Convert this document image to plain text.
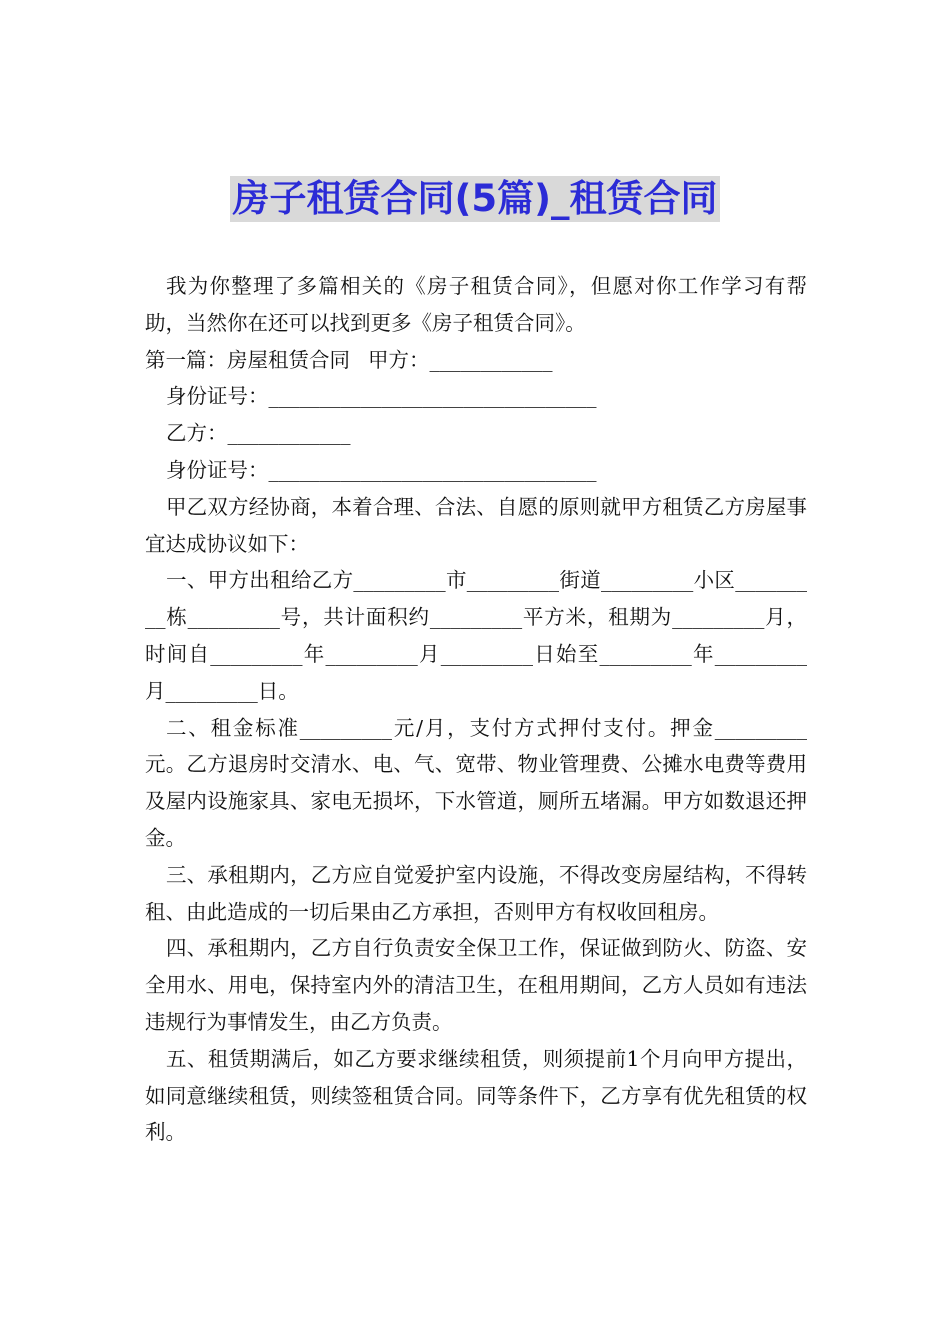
房子租赁合同(5篇)_租赁合同

我为你整理了多篇相关的《房子租赁合同》，但愿对你工作学习有帮助，当然你在还可以找到更多《房子租赁合同》。

第一篇：房屋租赁合同 甲方：____________

身份证号：________________________________

乙方：____________

身份证号：________________________________

甲乙双方经协商，本着合理、合法、自愿的原则就甲方租赁乙方房屋事宜达成协议如下：

一、甲方出租给乙方_________市_________街道_________小区_________栋_________号，共计面积约_________平方米，租期为_________月，时间自_________年_________月_________日始至_________年_________月_________日。

二、租金标准_________元/月，支付方式押付支付。押金_________元。乙方退房时交清水、电、气、宽带、物业管理费、公摊水电费等费用及屋内设施家具、家电无损坏，下水管道，厕所五堵漏。甲方如数退还押金。

三、承租期内，乙方应自觉爱护室内设施，不得改变房屋结构，不得转租、由此造成的一切后果由乙方承担，否则甲方有权收回租房。

四、承租期内，乙方自行负责安全保卫工作，保证做到防火、防盗、安全用水、用电，保持室内外的清洁卫生，在租用期间，乙方人员如有违法违规行为事情发生，由乙方负责。

五、租赁期满后，如乙方要求继续租赁，则须提前1个月向甲方提出，如同意继续租赁，则续签租赁合同。同等条件下，乙方享有优先租赁的权利。
